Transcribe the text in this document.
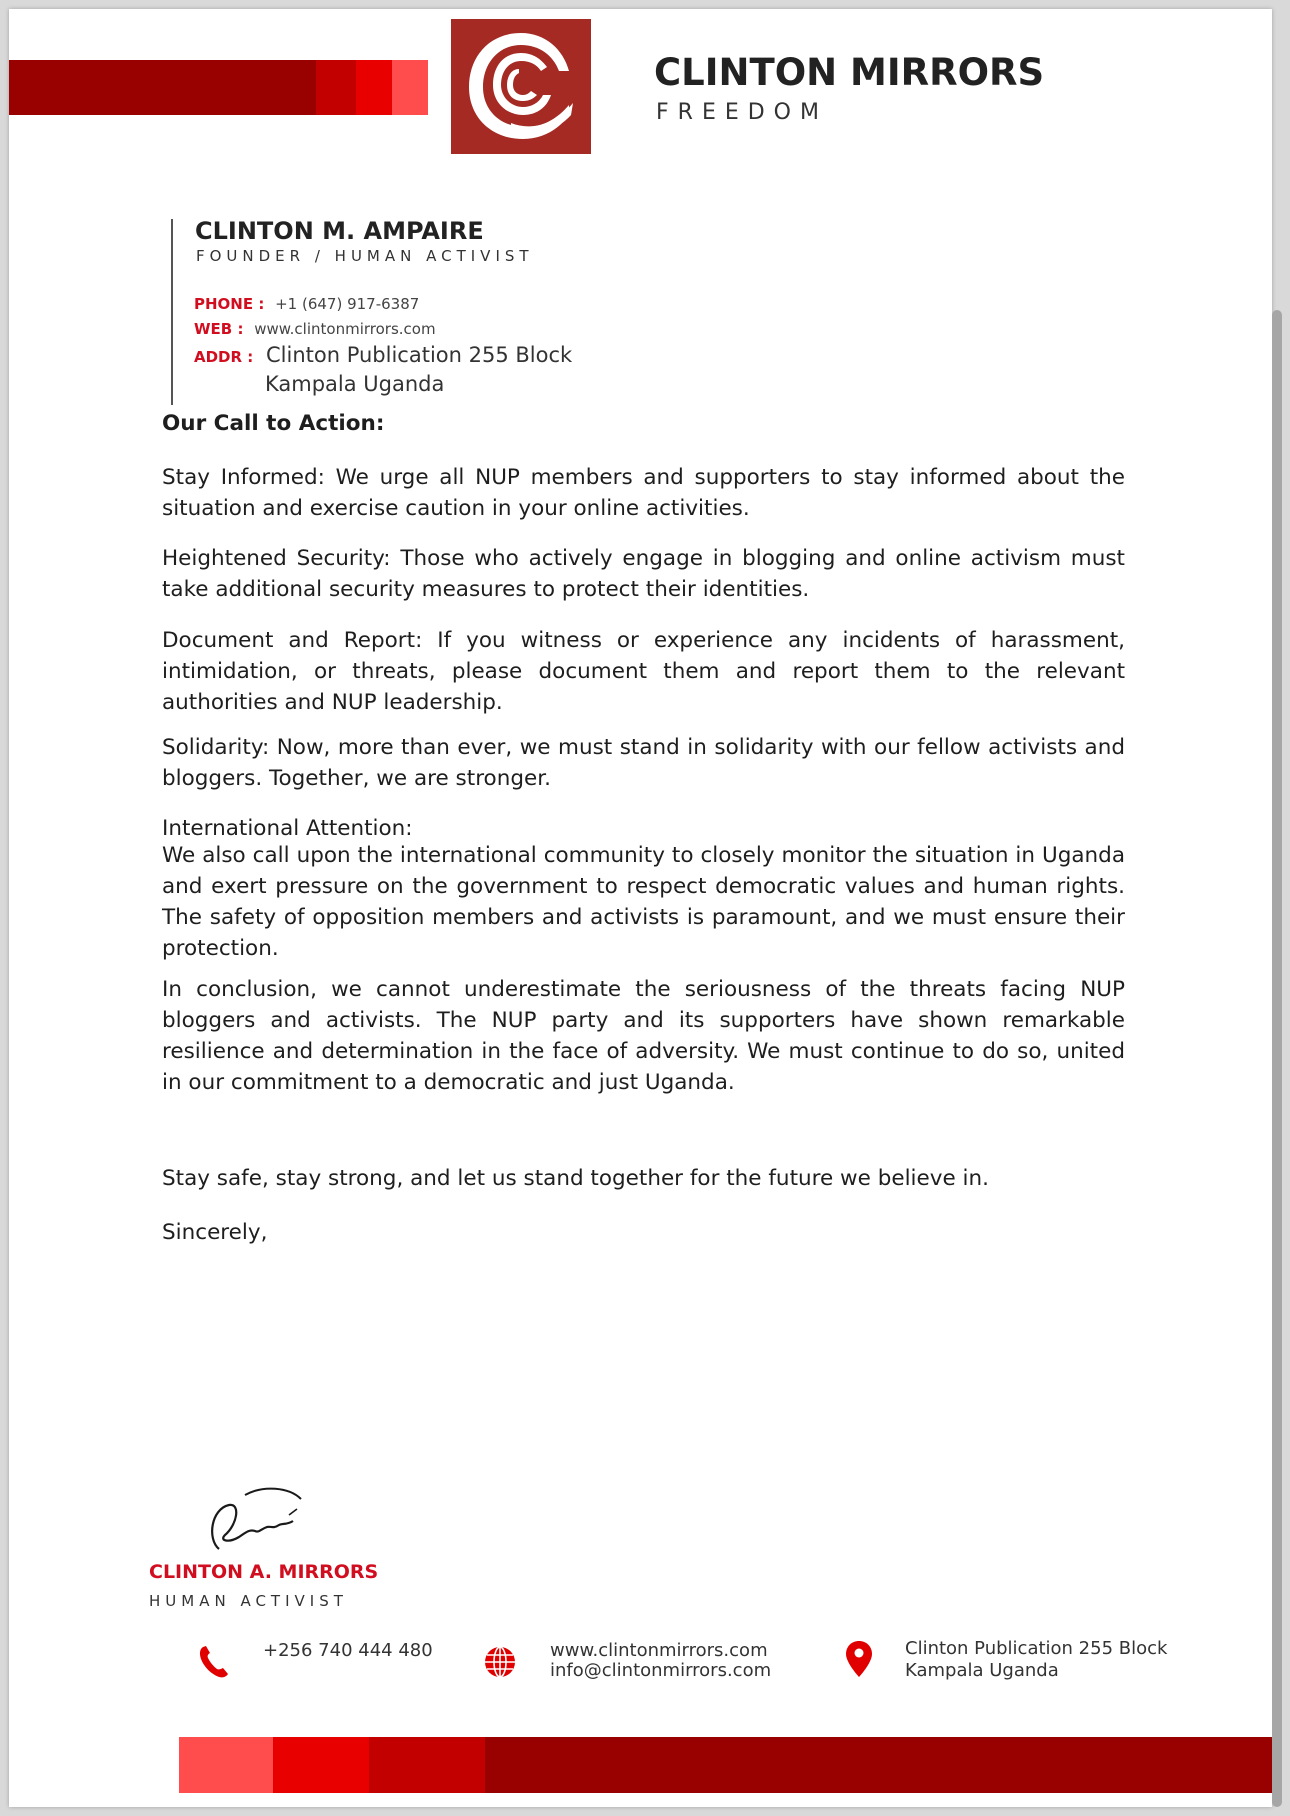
CLINTON MIRRORS
FREEDOM
CLINTON M. AMPAIRE
FOUNDER / HUMAN ACTIVIST
PHONE : +1 (647) 917-6387
WEB : www.clintonmirrors.com
ADDR : Clinton Publication 255 Block
Kampala Uganda
Our Call to Action:
Stay Informed: We urge all NUP members and supporters to stay informed about the situation and exercise caution in your online activities.
Heightened Security: Those who actively engage in blogging and online activism must take additional security measures to protect their identities.
Document and Report: If you witness or experience any incidents of harassment, intimidation, or threats, please document them and report them to the relevant authorities and NUP leadership.
Solidarity: Now, more than ever, we must stand in solidarity with our fellow activists and bloggers. Together, we are stronger.
International Attention:
We also call upon the international community to closely monitor the situation in Uganda and exert pressure on the government to respect democratic values and human rights. The safety of opposition members and activists is paramount, and we must ensure their protection.
In conclusion, we cannot underestimate the seriousness of the threats facing NUP bloggers and activists. The NUP party and its supporters have shown remarkable resilience and determination in the face of adversity. We must continue to do so, united in our commitment to a democratic and just Uganda.
Stay safe, stay strong, and let us stand together for the future we believe in.
Sincerely,
CLINTON A. MIRRORS
HUMAN ACTIVIST
+256 740 444 480	www.clintonmirrors.com
info@clintonmirrors.com
Clinton Publication 255 Block
Kampala Uganda
